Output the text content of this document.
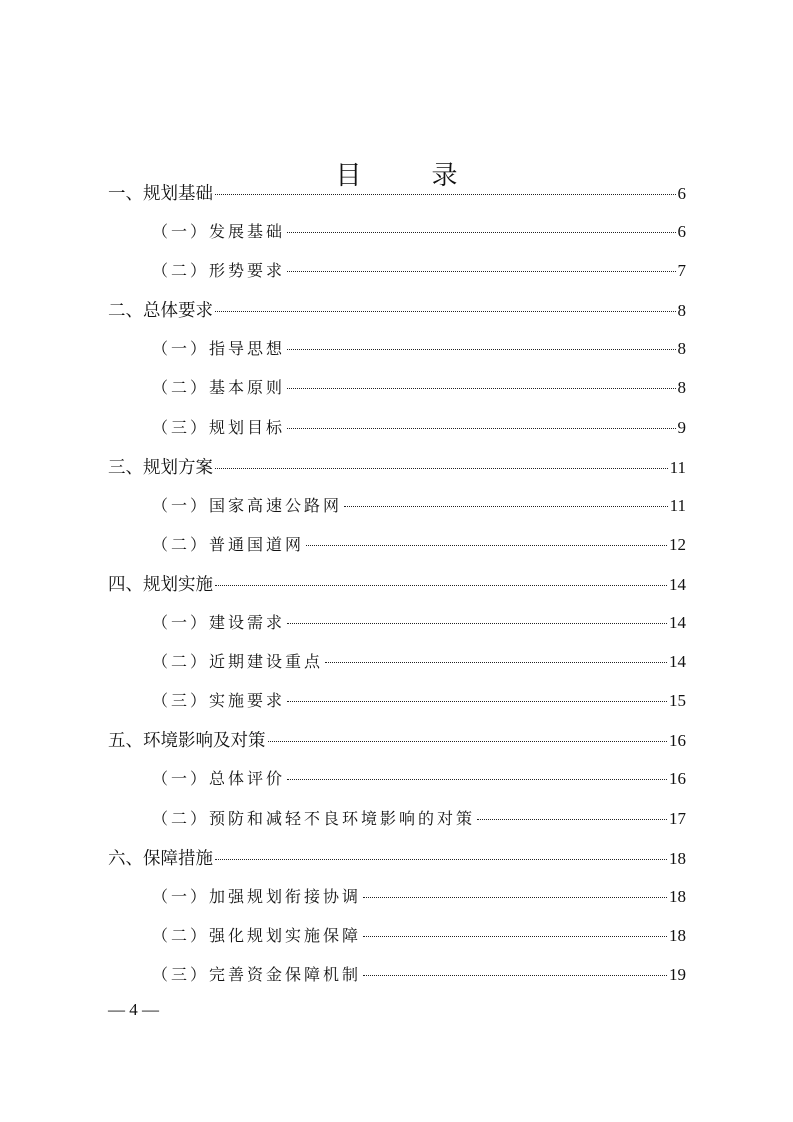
目　录
一、规划基础	6
（一）发展基础	6
（二）形势要求	7
二、总体要求	8
（一）指导思想	8
（二）基本原则	8
（三）规划目标	9
三、规划方案	11
（一）国家高速公路网	11
（二）普通国道网	12
四、规划实施	14
（一）建设需求	14
（二）近期建设重点	14
（三）实施要求	15
五、环境影响及对策	16
（一）总体评价	16
（二）预防和减轻不良环境影响的对策	17
六、保障措施	18
（一）加强规划衔接协调	18
（二）强化规划实施保障	18
（三）完善资金保障机制	19
— 4 —
